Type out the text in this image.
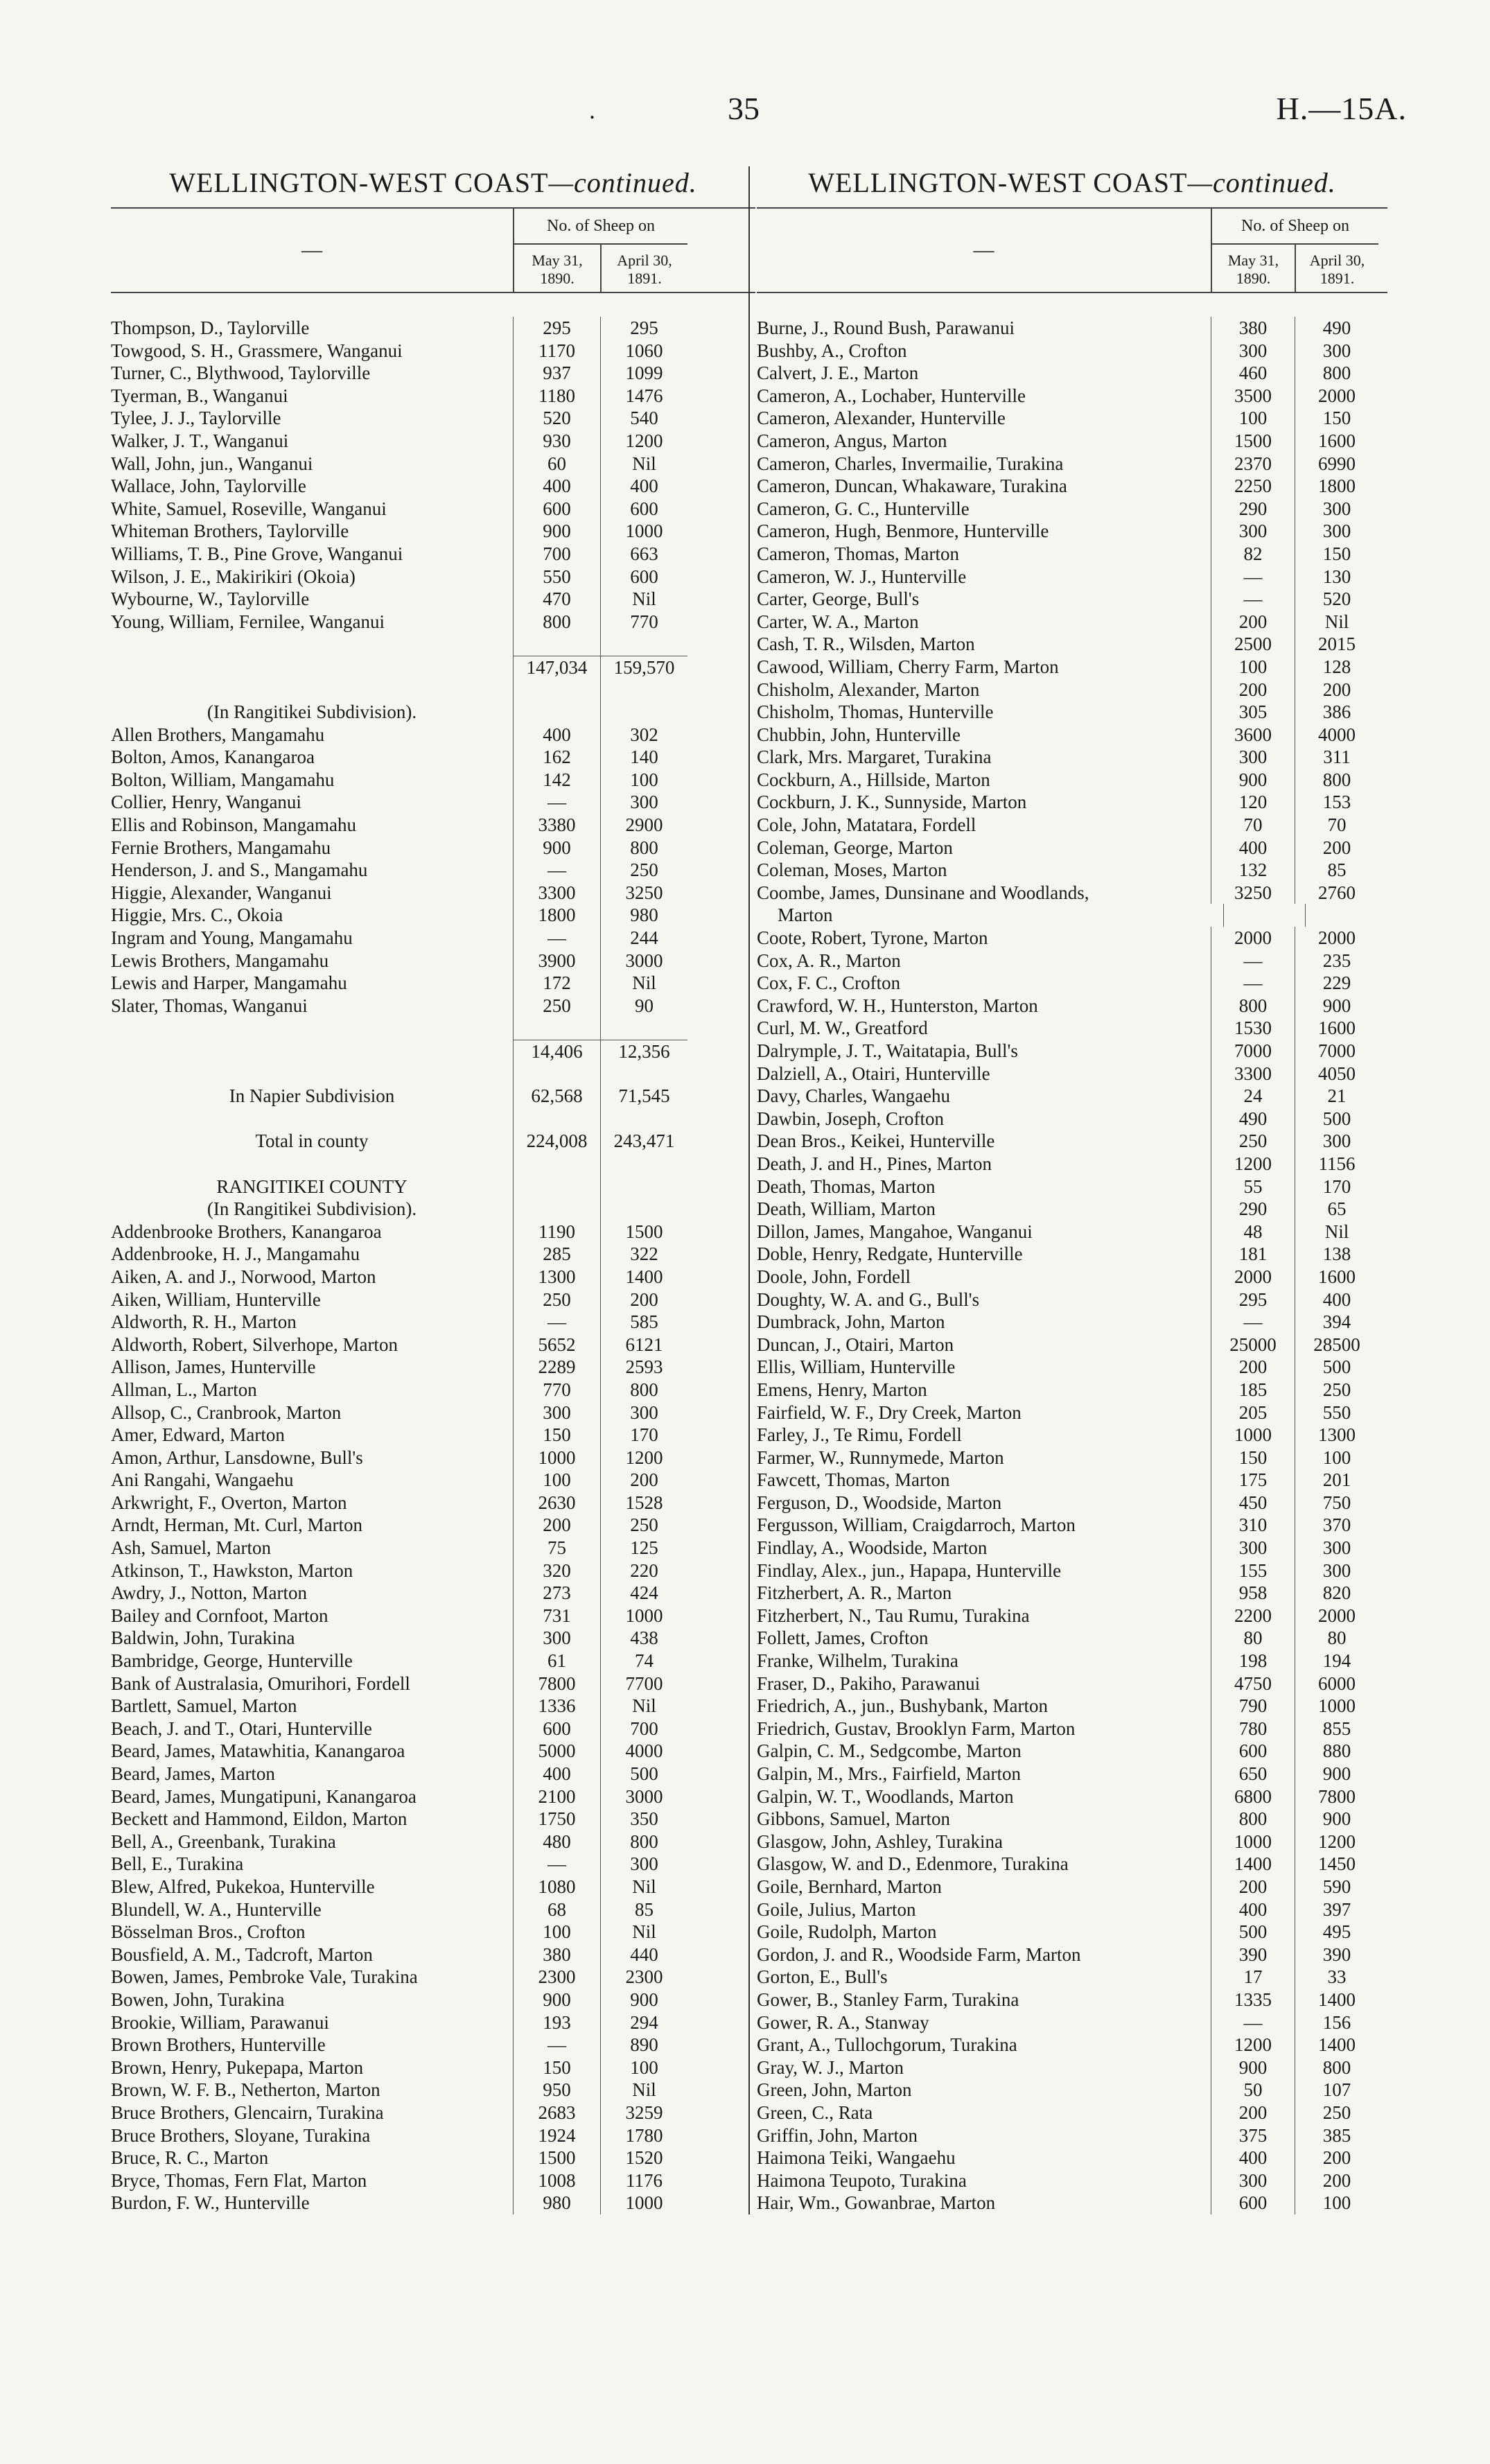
.	35	H.—15A.
WELLINGTON-WEST COAST—continued.
—
No. of Sheep on
May 31, 1890.
April 30, 1891.
Thompson, D., Taylorville	295	295
Towgood, S. H., Grassmere, Wanganui	1170	1060
Turner, C., Blythwood, Taylorville	937	1099
Tyerman, B., Wanganui	1180	1476
Tylee, J. J., Taylorville	520	540
Walker, J. T., Wanganui	930	1200
Wall, John, jun., Wanganui	60	Nil
Wallace, John, Taylorville	400	400
White, Samuel, Roseville, Wanganui	600	600
Whiteman Brothers, Taylorville	900	1000
Williams, T. B., Pine Grove, Wanganui	700	663
Wilson, J. E., Makirikiri (Okoia)	550	600
Wybourne, W., Taylorville	470	Nil
Young, William, Fernilee, Wanganui	800	770
147,034	159,570
(In Rangitikei Subdivision).
Allen Brothers, Mangamahu	400	302
Bolton, Amos, Kanangaroa	162	140
Bolton, William, Mangamahu	142	100
Collier, Henry, Wanganui	—	300
Ellis and Robinson, Mangamahu	3380	2900
Fernie Brothers, Mangamahu	900	800
Henderson, J. and S., Mangamahu	—	250
Higgie, Alexander, Wanganui	3300	3250
Higgie, Mrs. C., Okoia	1800	980
Ingram and Young, Mangamahu	—	244
Lewis Brothers, Mangamahu	3900	3000
Lewis and Harper, Mangamahu	172	Nil
Slater, Thomas, Wanganui	250	90
14,406	12,356
In Napier Subdivision	62,568	71,545
Total in county	224,008	243,471
RANGITIKEI COUNTY
(In Rangitikei Subdivision).
Addenbrooke Brothers, Kanangaroa	1190	1500
Addenbrooke, H. J., Mangamahu	285	322
Aiken, A. and J., Norwood, Marton	1300	1400
Aiken, William, Hunterville	250	200
Aldworth, R. H., Marton	—	585
Aldworth, Robert, Silverhope, Marton	5652	6121
Allison, James, Hunterville	2289	2593
Allman, L., Marton	770	800
Allsop, C., Cranbrook, Marton	300	300
Amer, Edward, Marton	150	170
Amon, Arthur, Lansdowne, Bull's	1000	1200
Ani Rangahi, Wangaehu	100	200
Arkwright, F., Overton, Marton	2630	1528
Arndt, Herman, Mt. Curl, Marton	200	250
Ash, Samuel, Marton	75	125
Atkinson, T., Hawkston, Marton	320	220
Awdry, J., Notton, Marton	273	424
Bailey and Cornfoot, Marton	731	1000
Baldwin, John, Turakina	300	438
Bambridge, George, Hunterville	61	74
Bank of Australasia, Omurihori, Fordell	7800	7700
Bartlett, Samuel, Marton	1336	Nil
Beach, J. and T., Otari, Hunterville	600	700
Beard, James, Matawhitia, Kanangaroa	5000	4000
Beard, James, Marton	400	500
Beard, James, Mungatipuni, Kanangaroa	2100	3000
Beckett and Hammond, Eildon, Marton	1750	350
Bell, A., Greenbank, Turakina	480	800
Bell, E., Turakina	—	300
Blew, Alfred, Pukekoa, Hunterville	1080	Nil
Blundell, W. A., Hunterville	68	85
Bösselman Bros., Crofton	100	Nil
Bousfield, A. M., Tadcroft, Marton	380	440
Bowen, James, Pembroke Vale, Turakina	2300	2300
Bowen, John, Turakina	900	900
Brookie, William, Parawanui	193	294
Brown Brothers, Hunterville	—	890
Brown, Henry, Pukepapa, Marton	150	100
Brown, W. F. B., Netherton, Marton	950	Nil
Bruce Brothers, Glencairn, Turakina	2683	3259
Bruce Brothers, Sloyane, Turakina	1924	1780
Bruce, R. C., Marton	1500	1520
Bryce, Thomas, Fern Flat, Marton	1008	1176
Burdon, F. W., Hunterville	980	1000
WELLINGTON-WEST COAST—continued.
—
No. of Sheep on
May 31, 1890.
April 30, 1891.
Burne, J., Round Bush, Parawanui	380	490
Bushby, A., Crofton	300	300
Calvert, J. E., Marton	460	800
Cameron, A., Lochaber, Hunterville	3500	2000
Cameron, Alexander, Hunterville	100	150
Cameron, Angus, Marton	1500	1600
Cameron, Charles, Invermailie, Turakina	2370	6990
Cameron, Duncan, Whakaware, Turakina	2250	1800
Cameron, G. C., Hunterville	290	300
Cameron, Hugh, Benmore, Hunterville	300	300
Cameron, Thomas, Marton	82	150
Cameron, W. J., Hunterville	—	130
Carter, George, Bull's	—	520
Carter, W. A., Marton	200	Nil
Cash, T. R., Wilsden, Marton	2500	2015
Cawood, William, Cherry Farm, Marton	100	128
Chisholm, Alexander, Marton	200	200
Chisholm, Thomas, Hunterville	305	386
Chubbin, John, Hunterville	3600	4000
Clark, Mrs. Margaret, Turakina	300	311
Cockburn, A., Hillside, Marton	900	800
Cockburn, J. K., Sunnyside, Marton	120	153
Cole, John, Matatara, Fordell	70	70
Coleman, George, Marton	400	200
Coleman, Moses, Marton	132	85
Coombe, James, Dunsinane and Woodlands,	3250	2760
Marton
Coote, Robert, Tyrone, Marton	2000	2000
Cox, A. R., Marton	—	235
Cox, F. C., Crofton	—	229
Crawford, W. H., Hunterston, Marton	800	900
Curl, M. W., Greatford	1530	1600
Dalrymple, J. T., Waitatapia, Bull's	7000	7000
Dalziell, A., Otairi, Hunterville	3300	4050
Davy, Charles, Wangaehu	24	21
Dawbin, Joseph, Crofton	490	500
Dean Bros., Keikei, Hunterville	250	300
Death, J. and H., Pines, Marton	1200	1156
Death, Thomas, Marton	55	170
Death, William, Marton	290	65
Dillon, James, Mangahoe, Wanganui	48	Nil
Doble, Henry, Redgate, Hunterville	181	138
Doole, John, Fordell	2000	1600
Doughty, W. A. and G., Bull's	295	400
Dumbrack, John, Marton	—	394
Duncan, J., Otairi, Marton	25000	28500
Ellis, William, Hunterville	200	500
Emens, Henry, Marton	185	250
Fairfield, W. F., Dry Creek, Marton	205	550
Farley, J., Te Rimu, Fordell	1000	1300
Farmer, W., Runnymede, Marton	150	100
Fawcett, Thomas, Marton	175	201
Ferguson, D., Woodside, Marton	450	750
Fergusson, William, Craigdarroch, Marton	310	370
Findlay, A., Woodside, Marton	300	300
Findlay, Alex., jun., Hapapa, Hunterville	155	300
Fitzherbert, A. R., Marton	958	820
Fitzherbert, N., Tau Rumu, Turakina	2200	2000
Follett, James, Crofton	80	80
Franke, Wilhelm, Turakina	198	194
Fraser, D., Pakiho, Parawanui	4750	6000
Friedrich, A., jun., Bushybank, Marton	790	1000
Friedrich, Gustav, Brooklyn Farm, Marton	780	855
Galpin, C. M., Sedgcombe, Marton	600	880
Galpin, M., Mrs., Fairfield, Marton	650	900
Galpin, W. T., Woodlands, Marton	6800	7800
Gibbons, Samuel, Marton	800	900
Glasgow, John, Ashley, Turakina	1000	1200
Glasgow, W. and D., Edenmore, Turakina	1400	1450
Goile, Bernhard, Marton	200	590
Goile, Julius, Marton	400	397
Goile, Rudolph, Marton	500	495
Gordon, J. and R., Woodside Farm, Marton	390	390
Gorton, E., Bull's	17	33
Gower, B., Stanley Farm, Turakina	1335	1400
Gower, R. A., Stanway	—	156
Grant, A., Tullochgorum, Turakina	1200	1400
Gray, W. J., Marton	900	800
Green, John, Marton	50	107
Green, C., Rata	200	250
Griffin, John, Marton	375	385
Haimona Teiki, Wangaehu	400	200
Haimona Teupoto, Turakina	300	200
Hair, Wm., Gowanbrae, Marton	600	100
